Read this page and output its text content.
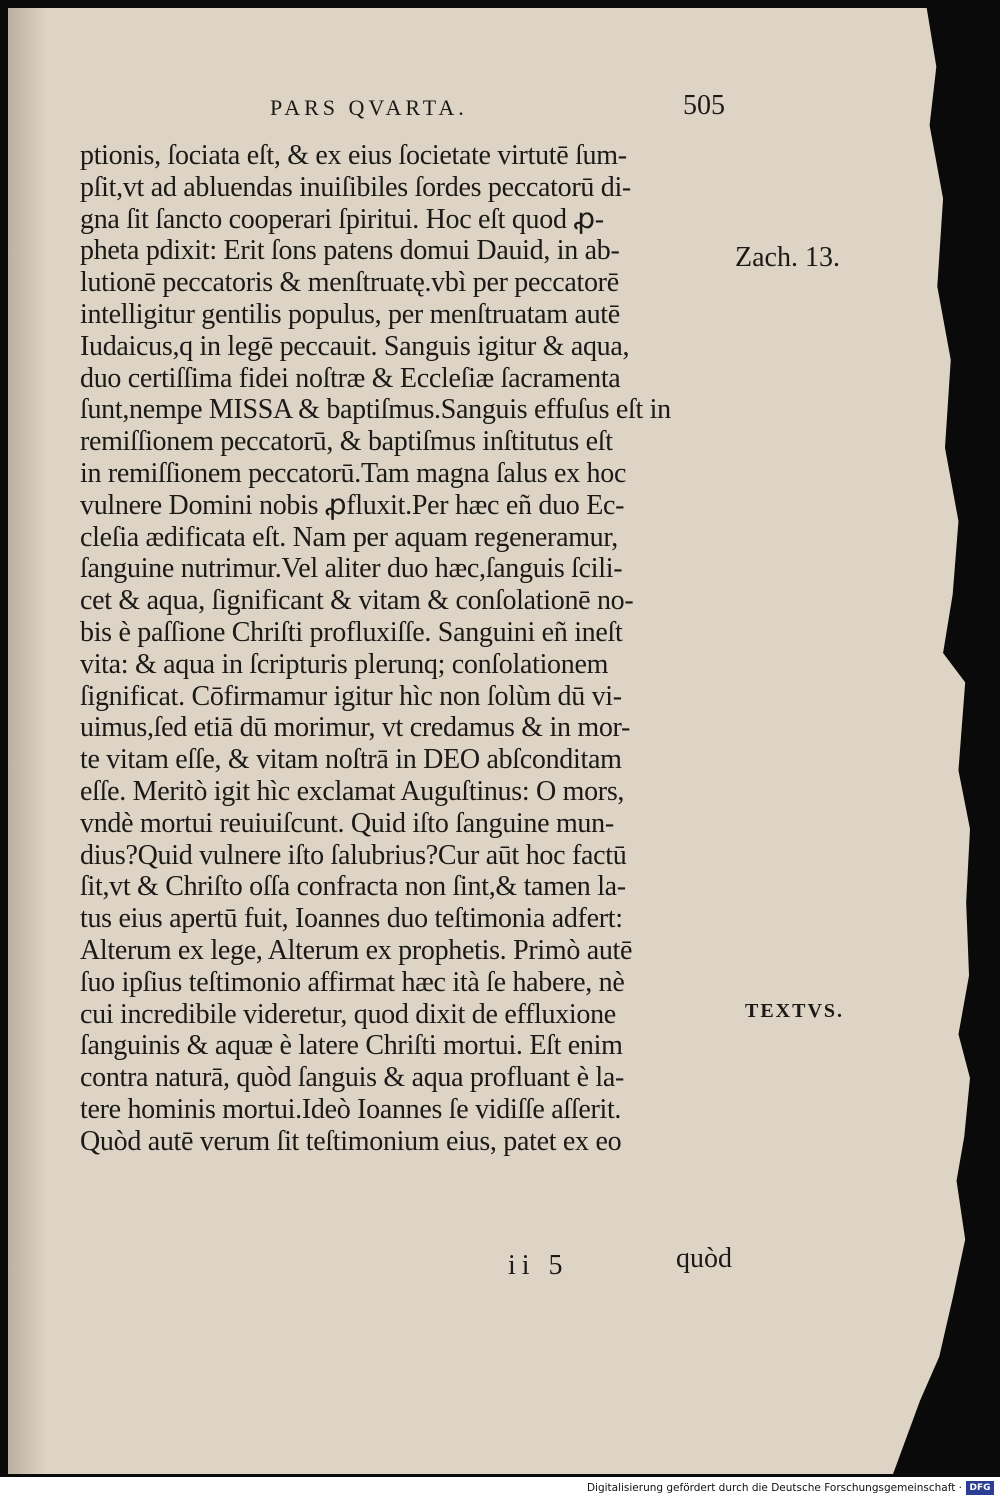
PARS QVARTA.	505
ptionis, ſociata eſt, & ex eius ſocietate virtutē ſum-
pſit,vt ad abluendas inuiſibiles ſordes peccatorū di-
gna ſit ſancto cooperari ſpiritui. Hoc eſt quod ꝓ-
pheta pdixit: Erit ſons patens domui Dauid, in ab-
lutionē peccatoris & menſtruatę.vbì per peccatorē
intelligitur gentilis populus, per menſtruatam autē
Iudaicus,q in legē peccauit. Sanguis igitur & aqua,
duo certiſſima fidei noſtræ & Eccleſiæ ſacramenta
ſunt,nempe MISSA & baptiſmus.Sanguis effuſus eſt in
remiſſionem peccatorū, & baptiſmus inſtitutus eſt
in remiſſionem peccatorū.Tam magna ſalus ex hoc
vulnere Domini nobis ꝓfluxit.Per hæc eñ duo Ec-
cleſia ædificata eſt. Nam per aquam regeneramur,
ſanguine nutrimur.Vel aliter duo hæc,ſanguis ſcili-
cet & aqua, ſignificant & vitam & conſolationē no-
bis è paſſione Chriſti profluxiſſe. Sanguini eñ ineſt
vita: & aqua in ſcripturis plerunq; conſolationem
ſignificat. Cōfirmamur igitur hìc non ſolùm dū vi-
uimus,ſed etiā dū morimur, vt credamus & in mor-
te vitam eſſe, & vitam noſtrā in DEO abſconditam
eſſe. Meritò igit hìc exclamat Auguſtinus: O mors,
vndè mortui reuiuiſcunt. Quid iſto ſanguine mun-
dius?Quid vulnere iſto ſalubrius?Cur aūt hoc factū
ſit,vt & Chriſto oſſa confracta non ſint,& tamen la-
tus eius apertū fuit, Ioannes duo teſtimonia adfert:
Alterum ex lege, Alterum ex prophetis. Primò autē
ſuo ipſius teſtimonio affirmat hæc ità ſe habere, nè
cui incredibile videretur, quod dixit de effluxione
ſanguinis & aquæ è latere Chriſti mortui. Eſt enim
contra naturā, quòd ſanguis & aqua profluant è la-
tere hominis mortui.Ideò Ioannes ſe vidiſſe aſſerit.
Quòd autē verum ſit teſtimonium eius, patet ex eo
Zach. 13.
TEXTVS.
ii 5	quòd
Digitalisierung gefördert durch die Deutsche Forschungsgemeinschaft · DFG
